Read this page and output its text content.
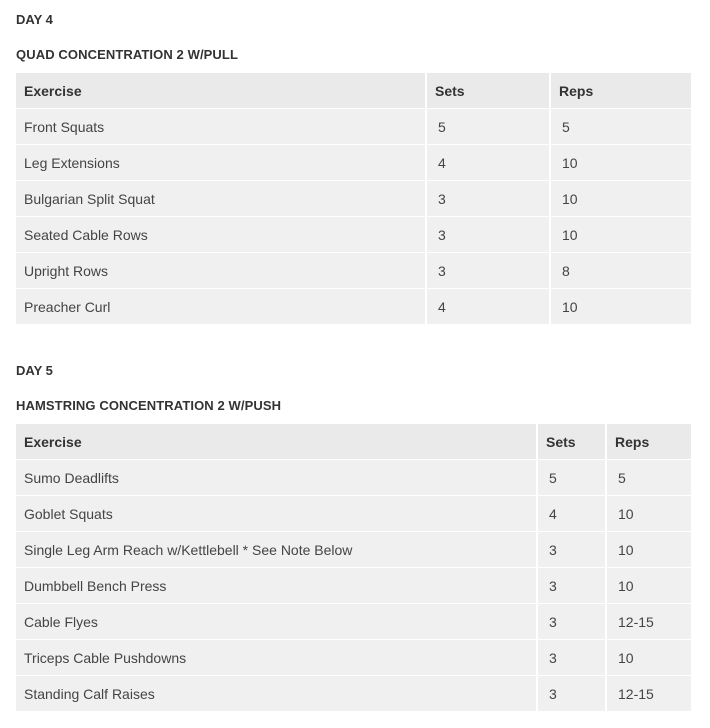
DAY 4
QUAD CONCENTRATION 2 W/PULL
Exercise	Sets	Reps
Front Squats	5	5
Leg Extensions	4	10
Bulgarian Split Squat	3	10
Seated Cable Rows	3	10
Upright Rows	3	8
Preacher Curl	4	10
DAY 5
HAMSTRING CONCENTRATION 2 W/PUSH
Exercise	Sets	Reps
Sumo Deadlifts	5	5
Goblet Squats	4	10
Single Leg Arm Reach w/Kettlebell * See Note Below	3	10
Dumbbell Bench Press	3	10
Cable Flyes	3	12-15
Triceps Cable Pushdowns	3	10
Standing Calf Raises	3	12-15
